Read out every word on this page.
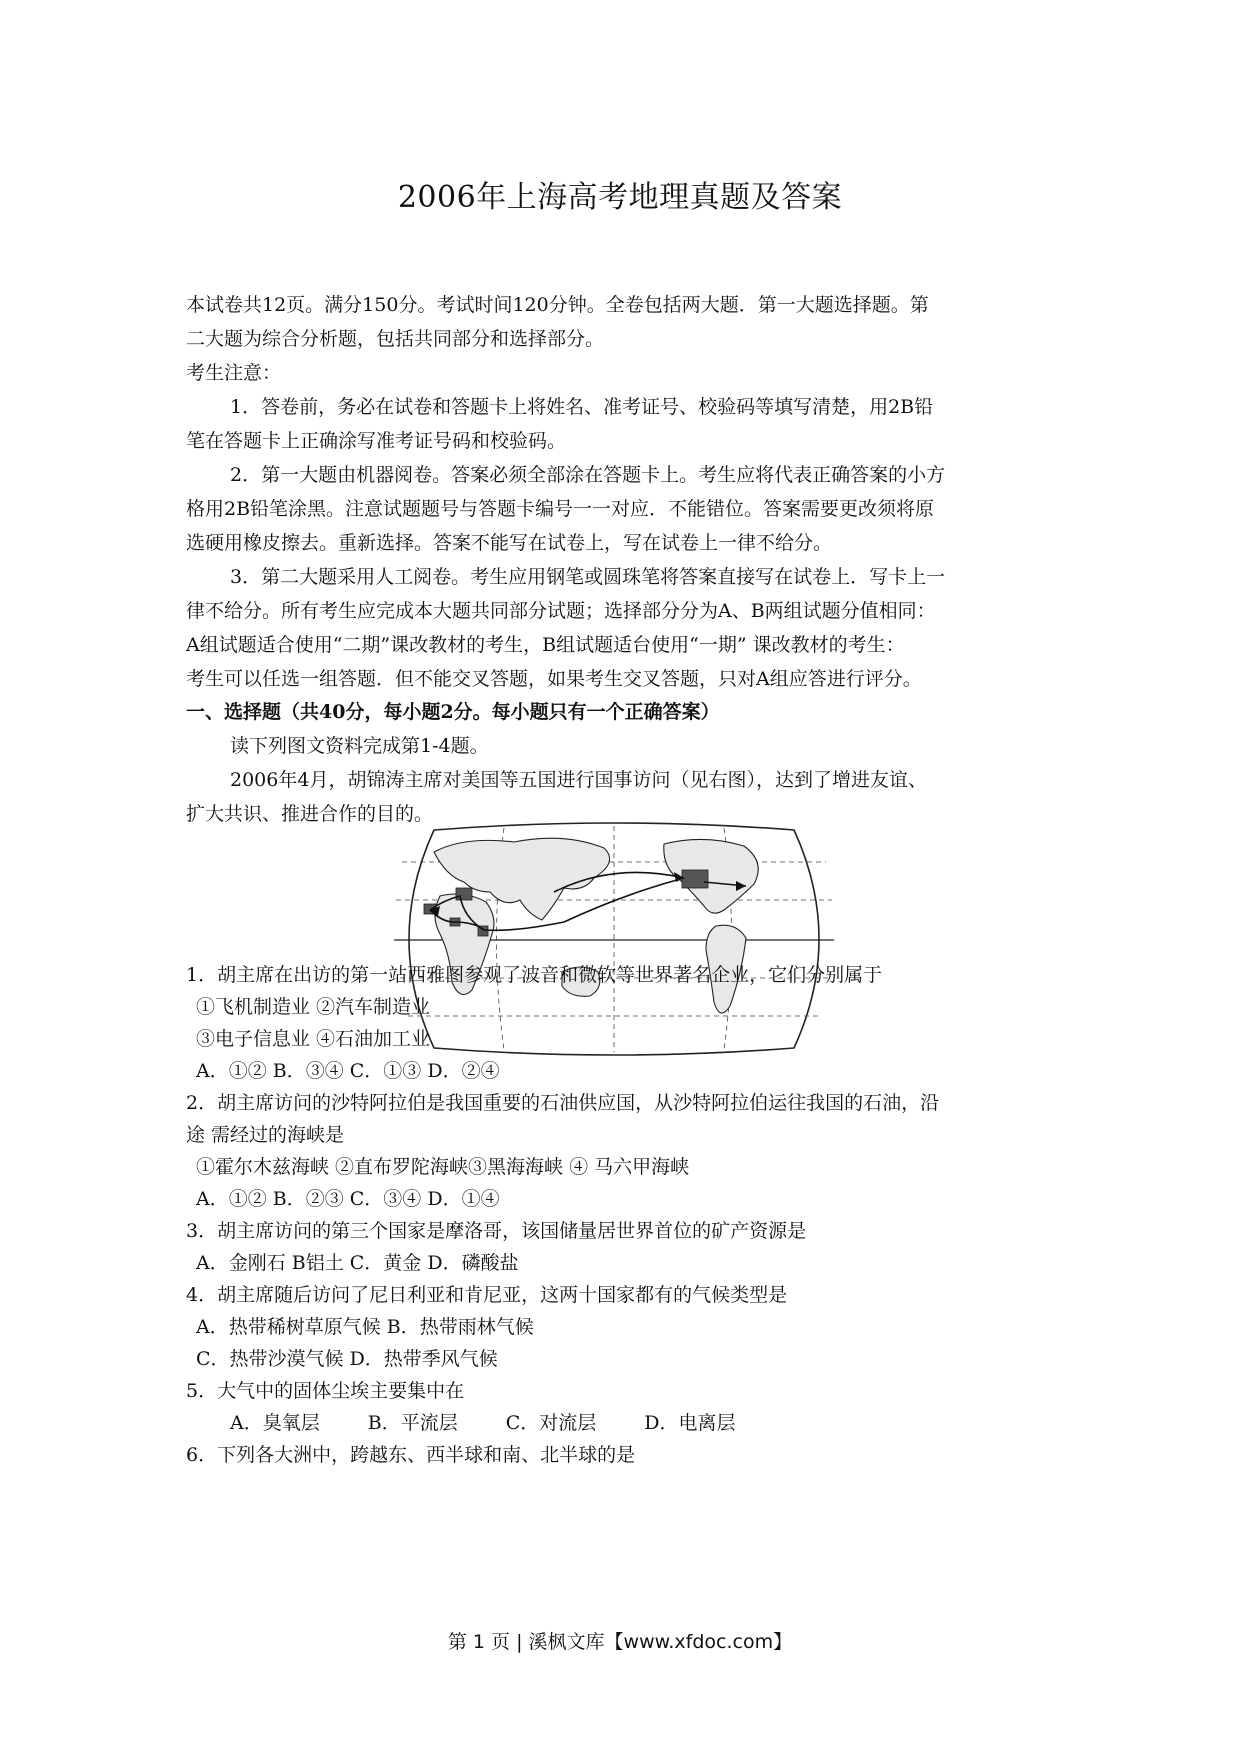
2006年上海高考地理真题及答案
本试卷共12页。满分150分。考试时间120分钟。全卷包括两大题．第一大题选择题。第
二大题为综合分析题，包括共同部分和选择部分。
考生注意：
1．答卷前，务必在试卷和答题卡上将姓名、准考证号、校验码等填写清楚，用2B铅
笔在答题卡上正确涂写准考证号码和校验码。
2．第一大题由机器阅卷。答案必须全部涂在答题卡上。考生应将代表正确答案的小方
格用2B铅笔涂黑。注意试题题号与答题卡编号一一对应．不能错位。答案需要更改须将原
选硬用橡皮擦去。重新选择。答案不能写在试卷上，写在试卷上一律不给分。
3．第二大题采用人工阅卷。考生应用钢笔或圆珠笔将答案直接写在试卷上．写卡上一
律不给分。所有考生应完成本大题共同部分试题；选择部分分为A、B两组试题分值相同：
A组试题适合使用“二期”课改教材的考生，B组试题适台使用“一期” 课改教材的考生：
考生可以任选一组答题．但不能交叉答题，如果考生交叉答题，只对A组应答进行评分。
一、选择题（共40分，每小题2分。每小题只有一个正确答案）
读下列图文资料完成第1-4题。
2006年4月，胡锦涛主席对美国等五国进行国事访问（见右图），达到了增进友谊、
扩大共识、推进合作的目的。
1．胡主席在出访的第一站西雅图参观了波音和微软等世界著名企业，它们分别属于
①飞机制造业 ②汽车制造业
③电子信息业 ④石油加工业
A．①② B．③④ C．①③ D．②④
2．胡主席访问的沙特阿拉伯是我国重要的石油供应国，从沙特阿拉伯运往我国的石油，沿
途 需经过的海峡是
①霍尔木兹海峡 ②直布罗陀海峡③黑海海峡 ④ 马六甲海峡
A．①② B．②③ C．③④ D．①④
3．胡主席访问的第三个国家是摩洛哥，该国储量居世界首位的矿产资源是
A．金刚石 B铝土 C．黄金 D．磷酸盐
4．胡主席随后访问了尼日利亚和肯尼亚，这两十国家都有的气候类型是
A．热带稀树草原气候 B．热带雨林气候
C．热带沙漠气候 D．热带季风气候
5．大气中的固体尘埃主要集中在
A．臭氧层	B．平流层	C．对流层	D．电离层
6．下列各大洲中，跨越东、西半球和南、北半球的是
第 1 页 | 溪枫文库【www.xfdoc.com】
